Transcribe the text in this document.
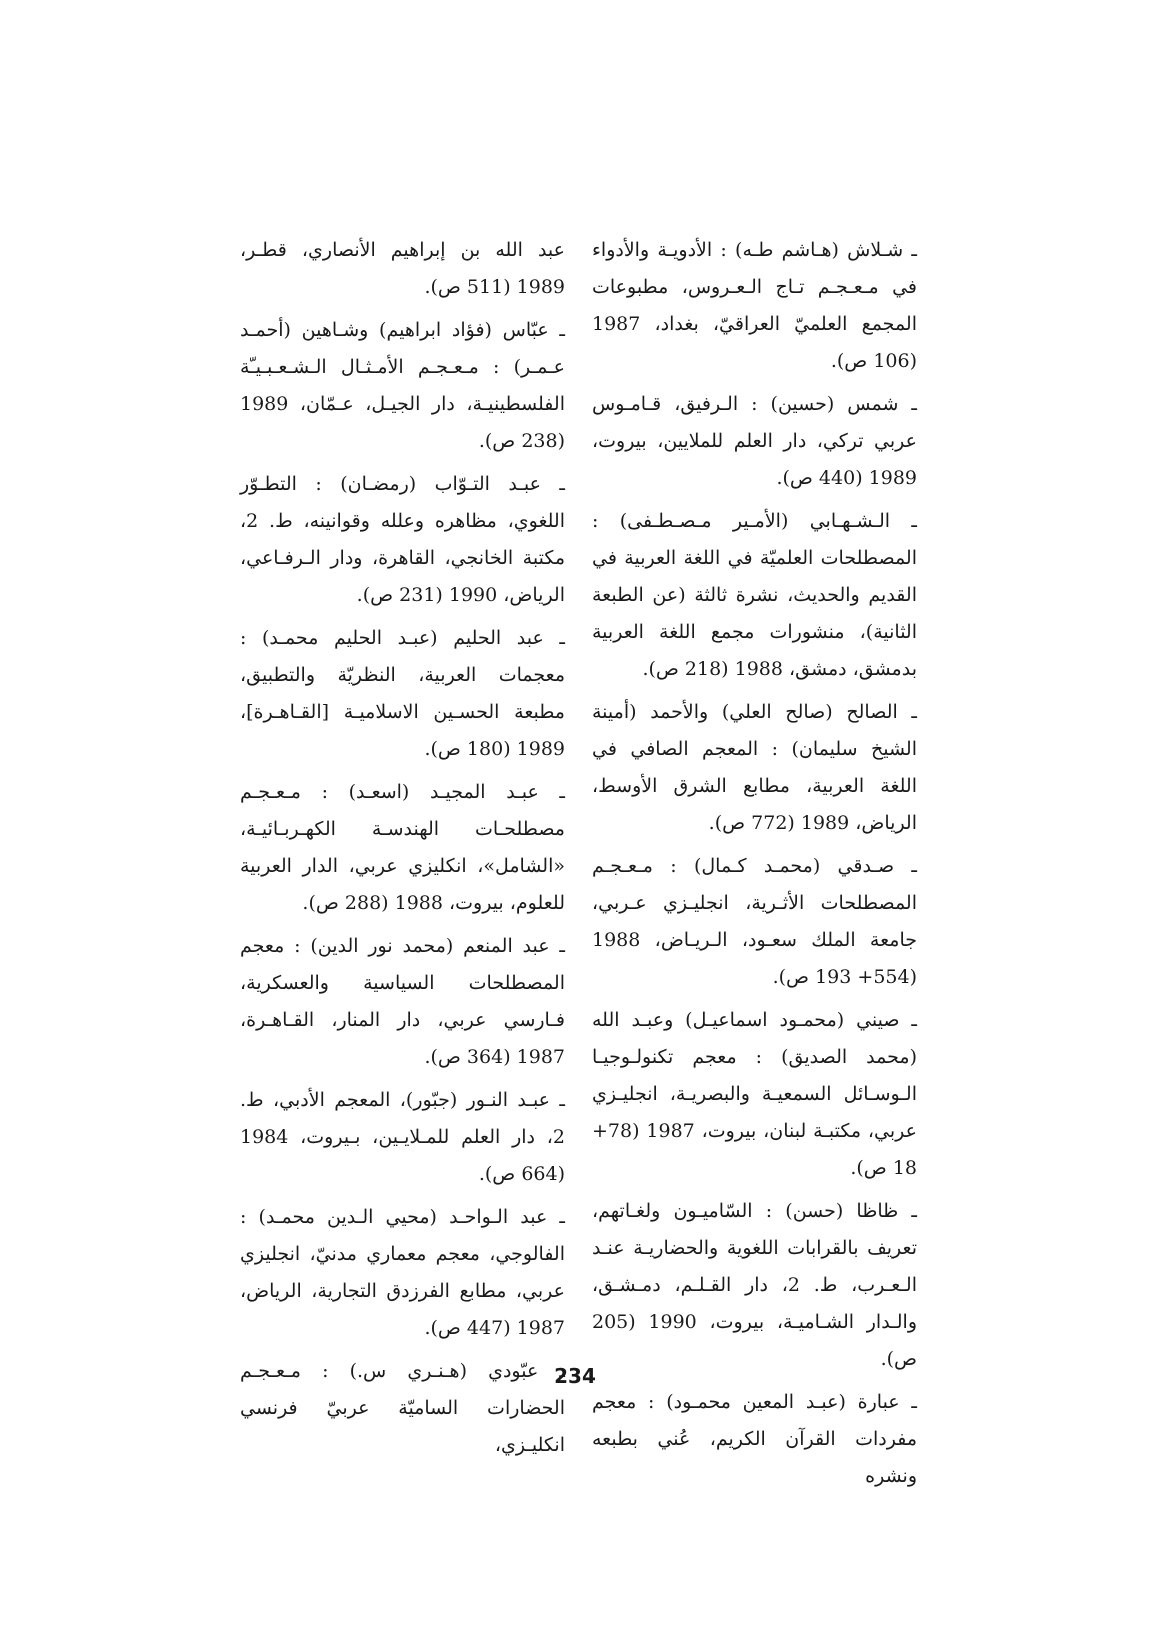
ـ شـلاش (هـاشم طـه) : الأدويـة والأدواء في مـعـجـم تـاج الـعـروس، مطبوعات المجمع العلميّ العراقيّ، بغداد، 1987 (106 ص).

ـ شمس (حسين) : الـرفيق، قـامـوس عربي تركي، دار العلم للملايين، بيروت، 1989 (440 ص).

ـ الـشـهـابي (الأمـير مـصـطـفى) : المصطلحات العلميّة في اللغة العربية في القديم والحديث، نشرة ثالثة (عن الطبعة الثانية)، منشورات مجمع اللغة العربية بدمشق، دمشق، 1988 (218 ص).

ـ الصالح (صالح العلي) والأحمد (أمينة الشيخ سليمان) : المعجم الصافي في اللغة العربية، مطابع الشرق الأوسط، الرياض، 1989 (772 ص).

ـ صـدقي (محمـد كـمال) : مـعـجـم المصطلحات الأثـرية، انجليـزي عـربي، جامعة الملك سعـود، الـريـاض، 1988 (554+ 193 ص).

ـ صيني (محمـود اسماعيـل) وعبـد الله (محمد الصديق) : معجم تكنولـوجيـا الـوسـائل السمعيـة والبصريـة، انجليـزي عربي، مكتبـة لبنان، بيروت، 1987 (78+ 18 ص).

ـ ظاظا (حسن) : السّاميـون ولغـاتهم، تعريف بالقرابات اللغوية والحضاريـة عنـد الـعـرب، ط. 2، دار القـلـم، دمـشـق، والـدار الشـاميـة، بيروت، 1990 (205 ص).

ـ عبارة (عبـد المعين محمـود) : معجم مفردات القرآن الكريم، عُني بطبعه ونشره

عبد الله بن إبراهيم الأنصاري، قطـر، 1989 (511 ص).

ـ عبّاس (فؤاد ابراهيم) وشـاهين (أحمـد عـمـر) : مـعـجـم الأمـثـال الـشـعـبـيـّة الفلسطينيـة، دار الجيـل، عـمّان، 1989 (238 ص).

ـ عبـد التـوّاب (رمضـان) : التطـوّر اللغوي، مظاهره وعلله وقوانينه، ط. 2، مكتبة الخانجي، القاهرة، ودار الـرفـاعي، الرياض، 1990 (231 ص).

ـ عبد الحليم (عبـد الحليم محمـد) : معجمات العربية، النظريّة والتطبيق، مطبعة الحسـين الاسلاميـة [القـاهـرة]، 1989 (180 ص).

ـ عبـد المجيـد (اسعـد) : مـعـجـم مصطلحـات الهندسـة الكهـربـائيـة، «الشامل»، انكليزي عربي، الدار العربية للعلوم، بيروت، 1988 (288 ص).

ـ عبد المنعم (محمد نور الدين) : معجم المصطلحات السياسية والعسكرية، فـارسي عربي، دار المنار، القـاهـرة، 1987 (364 ص).

ـ عبـد النـور (جبّور)، المعجم الأدبي، ط. 2، دار العلم للمـلايـين، بـيروت، 1984 (664 ص).

ـ عبد الـواحـد (محيي الـدين محمـد) : الفالوجي، معجم معماري مدنيّ، انجليزي عربي، مطابع الفرزدق التجارية، الرياض، 1987 (447 ص).

ـ عبّودي (هـنـري س.) : مـعـجـم الحضارات الساميّة عربيّ فرنسي انكليـزي،

234
